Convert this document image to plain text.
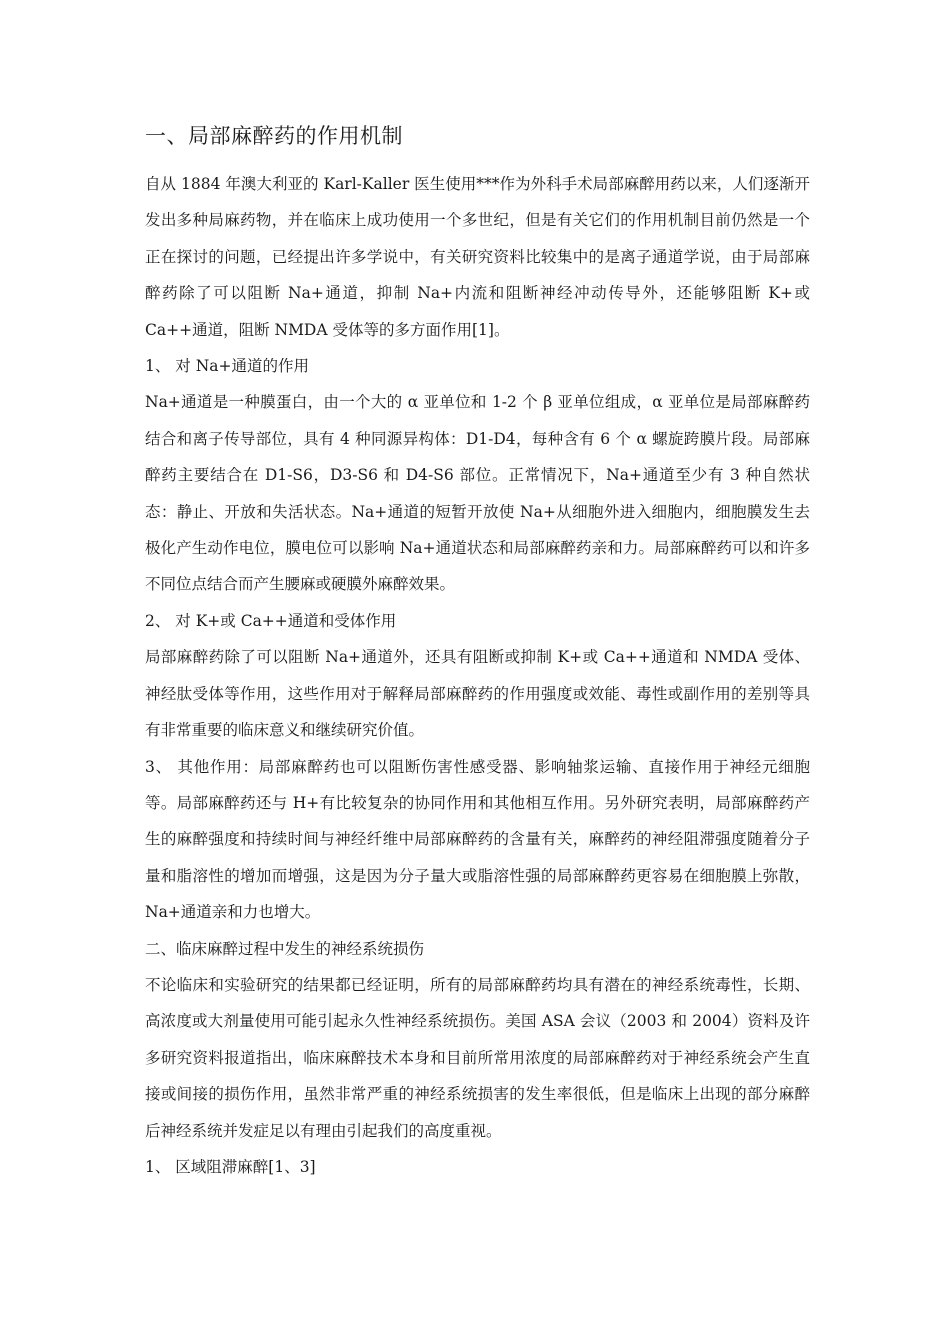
一、局部麻醉药的作用机制

自从 1884 年澳大利亚的 Karl-Kaller 医生使用***作为外科手术局部麻醉用药以来，人们逐渐开发出多种局麻药物，并在临床上成功使用一个多世纪，但是有关它们的作用机制目前仍然是一个正在探讨的问题，已经提出许多学说中，有关研究资料比较集中的是离子通道学说，由于局部麻醉药除了可以阻断 Na+通道，抑制 Na+内流和阻断神经冲动传导外，还能够阻断 K+或 Ca++通道，阻断 NMDA 受体等的多方面作用[1]。

1、 对 Na+通道的作用

Na+通道是一种膜蛋白，由一个大的 α 亚单位和 1-2 个 β 亚单位组成，α 亚单位是局部麻醉药结合和离子传导部位，具有 4 种同源异构体：D1-D4，每种含有 6 个 α 螺旋跨膜片段。局部麻醉药主要结合在 D1-S6，D3-S6 和 D4-S6 部位。正常情况下，Na+通道至少有 3 种自然状态：静止、开放和失活状态。Na+通道的短暂开放使 Na+从细胞外进入细胞内，细胞膜发生去极化产生动作电位，膜电位可以影响 Na+通道状态和局部麻醉药亲和力。局部麻醉药可以和许多不同位点结合而产生腰麻或硬膜外麻醉效果。

2、 对 K+或 Ca++通道和受体作用

局部麻醉药除了可以阻断 Na+通道外，还具有阻断或抑制 K+或 Ca++通道和 NMDA 受体、神经肽受体等作用，这些作用对于解释局部麻醉药的作用强度或效能、毒性或副作用的差别等具有非常重要的临床意义和继续研究价值。

3、 其他作用：局部麻醉药也可以阻断伤害性感受器、影响轴浆运输、直接作用于神经元细胞等。局部麻醉药还与 H+有比较复杂的协同作用和其他相互作用。另外研究表明，局部麻醉药产生的麻醉强度和持续时间与神经纤维中局部麻醉药的含量有关，麻醉药的神经阻滞强度随着分子量和脂溶性的增加而增强，这是因为分子量大或脂溶性强的局部麻醉药更容易在细胞膜上弥散，Na+通道亲和力也增大。

二、临床麻醉过程中发生的神经系统损伤

不论临床和实验研究的结果都已经证明，所有的局部麻醉药均具有潜在的神经系统毒性，长期、高浓度或大剂量使用可能引起永久性神经系统损伤。美国 ASA 会议（2003 和 2004）资料及许多研究资料报道指出，临床麻醉技术本身和目前所常用浓度的局部麻醉药对于神经系统会产生直接或间接的损伤作用，虽然非常严重的神经系统损害的发生率很低，但是临床上出现的部分麻醉后神经系统并发症足以有理由引起我们的高度重视。

1、 区域阻滞麻醉[1、3]
